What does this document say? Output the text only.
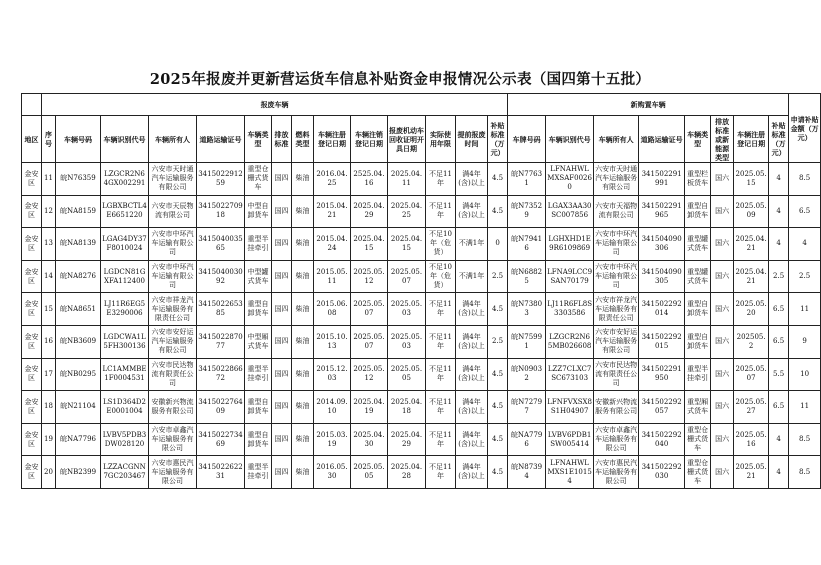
2025年报废并更新营运货车信息补贴资金申报情况公示表（国四第十五批）
	报废车辆														新购置车辆								申请补贴金额（万元）

地区	序号	车辆号码	车辆识别代号	车辆所有人	道路运输证号	车辆类型	排放标准	燃料类型	车辆注册登记日期	车辆注销登记日期	报废机动车回收证明开具日期	实际使用年限	提前报废时间	补贴标准（万元）	车牌号码	车辆识别代号	车辆所有人	道路运输证号	车辆类型	排放标准或新能源类型	车辆注册登记日期	补贴标准（万元）	

金安区	11	皖N76359	LZGCR2N64GX002291	六安市天时通汽车运输服务有限公司	341502291259	重型仓栅式货车	国四	柴油	2016.04.25	2525.04.16	2025.04.11	不足11年	满4年(含)以上	4.5	皖N77631	LFNAHWLMXSAF00260	六安市天时通汽车运输服务有限公司	341502291991	重型栏板货车	国六	2025.05.15	4	8.5

金安区	12	皖NA8159	LGBXBCTL4E6651220	六安市天辰物流有限公司	341502270918	中型自卸货车	国四	柴油	2015.04.21	2025.04.29	2025.04.25	不足11年	满4年(含)以上	4.5	皖N73529	LGAX3AA30SC007856	六安市天福物流有限公司	341502291965	重型自卸货车	国六	2025.05.09	4	6.5

金安区	13	皖NA8139	LGAG4DY37F8010024	六安市中环汽车运输有限公司	341504003565	重型半挂牵引	国四	柴油	2015.04.24	2025.04.15	2025.04.15	不足10年（危货）	不满1年	0	皖N79416	LGHXHD1E9R6109869	六安市中环汽车运输有限公司	341504090306	重型罐式货车	国六	2025.04.21	4	4

金安区	14	皖NA8276	LGDCN81GXFA112400	六安市中环汽车运输有限公司	341504003092	中型罐式货车	国四	柴油	2015.05.11	2025.05.12	2025.05.07	不足10年（危货）	不满1年	2.5	皖N68825	LFNA9LCC9SAN70179	六安市中环汽车运输有限公司	341504090305	重型罐式货车	国六	2025.04.21	2.5	2.5

金安区	15	皖NA8651	LJ11R6EG5E3290006	六安市祥龙汽车运输服务有限责任公司	341502265385	重型自卸货车	国四	柴油	2015.06.08	2025.05.07	2025.05.03	不足11年	满4年(含)以上	4.5	皖N73803	LJ11R6FL8S3303586	六安市祥龙汽车运输服务有限责任公司	341502292014	重型自卸货车	国六	2025.05.20	6.5	11

金安区	16	皖NB3609	LGDCWA1L5FH300136	六安市安好运汽车运输服务有限公司	341502287077	中型厢式货车	国四	柴油	2015.10.13	2025.05.07	2025.05.03	不足11年	满4年(含)以上	2.5	皖N75991	LZGCR2N65MB026608	六安市安好运汽车运输服务有限公司	341502292015	重型自卸货车	国六	202505.2	6.5	9

金安区	17	皖NB0295	LC1AMMBE1F0004531	六安市民达物流有限责任公司	341502286672	重型半挂牵引	国四	柴油	2015.12.03	2025.05.12	2025.05.05	不足11年	满4年(含)以上	4.5	皖N09032	LZZ7CLXC7SC673103	六安市民达物流有限责任公司	341502291950	重型半挂牵引	国六	2025.05.07	5.5	10

金安区	18	皖N21104	LS1D364D2E0001004	安徽新兴物流服务有限公司	341502276409	重型自卸货车	国四	柴油	2014.09.10	2025.04.19	2025.04.18	不足11年	满4年(含)以上	4.5	皖N72797	LFNFVXSX8S1H04907	安徽新兴物流服务有限公司	341502292057	重型厢式货车	国六	2025.05.27	6.5	11

金安区	19	皖NA7796	LVBV5PDB3DW028120	六安市卓鑫汽车运输服务有限公司	341502273469	重型自卸货车	国四	柴油	2015.03.19	2025.04.30	2025.04.29	不足11年	满4年(含)以上	4.5	皖NA7796	LVBV6PDB1SW005414	六安市卓鑫汽车运输服务有限公司	341502292040	重型仓栅式货车	国六	2025.05.16	4	8.5

金安区	20	皖NB2399	LZZACGNN7GC203467	六安市惠民汽车运输服务有限公司	341502262231	重型半挂牵引	国四	柴油	2016.05.30	2025.05.05	2025.04.28	不足11年	满4年(含)以上	4.5	皖N87394	LFNAHWLMXS1E10154	六安市惠民汽车运输服务有限公司	341502292030	重型仓栅式货车	国六	2025.05.21	4	8.5
